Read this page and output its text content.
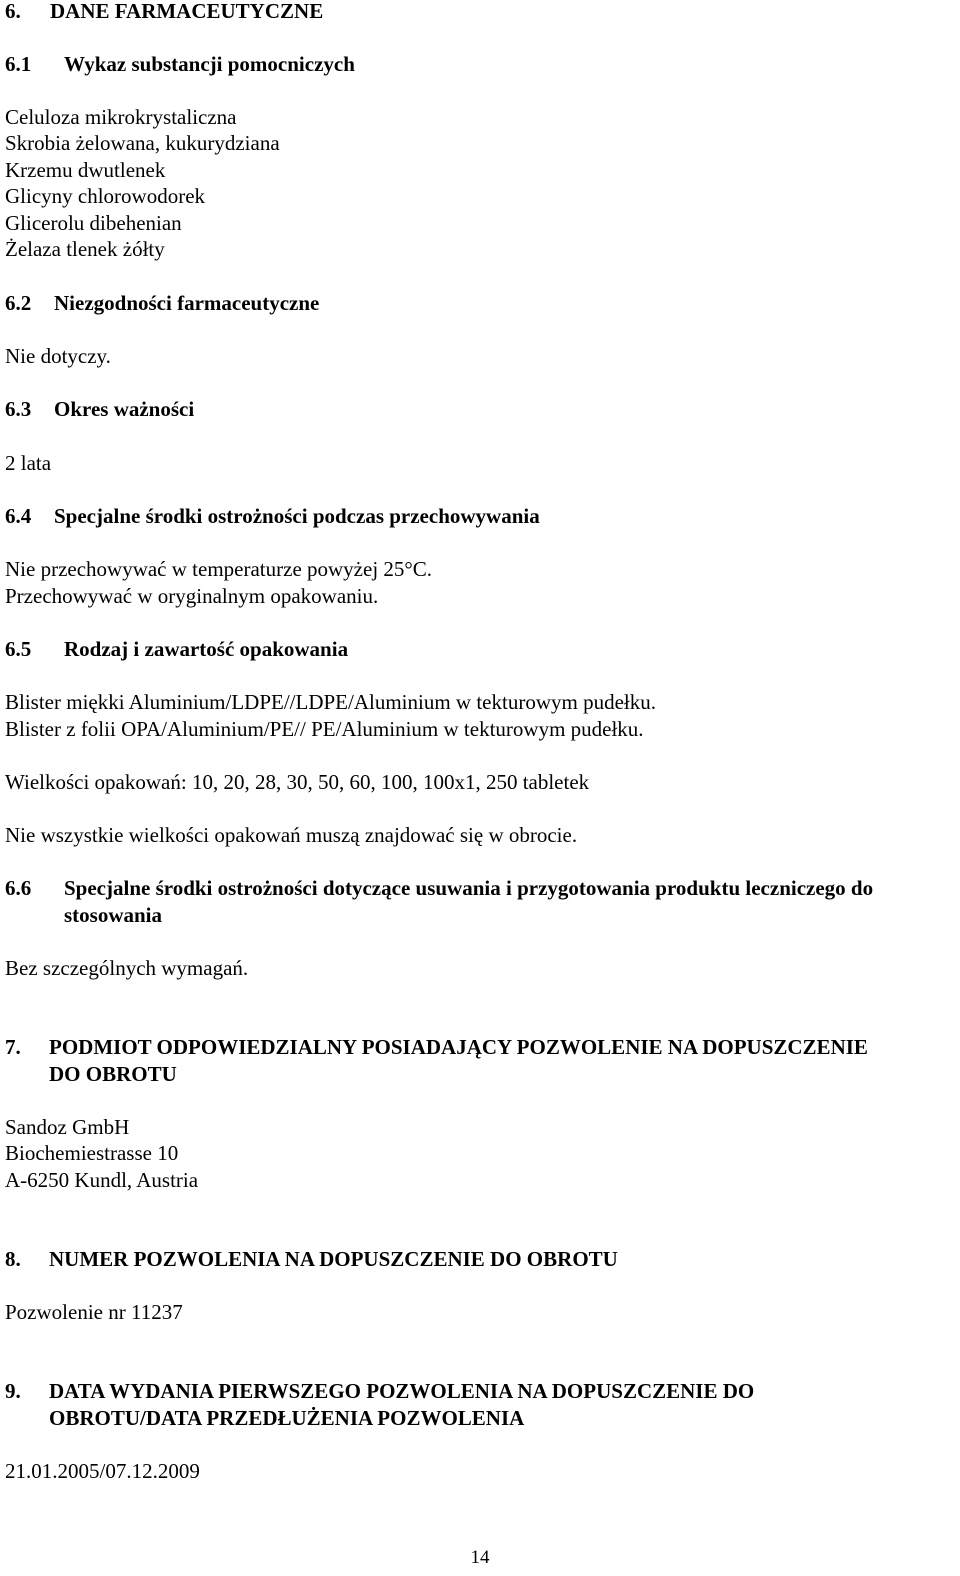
6. DANE FARMACEUTYCZNE
6.1 Wykaz substancji pomocniczych
Celuloza mikrokrystaliczna
Skrobia żelowana, kukurydziana
Krzemu dwutlenek
Glicyny chlorowodorek
Glicerolu dibehenian
Żelaza tlenek żółty
6.2 Niezgodności farmaceutyczne
Nie dotyczy.
6.3 Okres ważności
2 lata
6.4 Specjalne środki ostrożności podczas przechowywania
Nie przechowywać w temperaturze powyżej 25°C.
Przechowywać w oryginalnym opakowaniu.
6.5 Rodzaj i zawartość opakowania
Blister miękki Aluminium/LDPE//LDPE/Aluminium w tekturowym pudełku.
Blister z folii OPA/Aluminium/PE// PE/Aluminium w tekturowym pudełku.
Wielkości opakowań: 10, 20, 28, 30, 50, 60, 100, 100x1, 250 tabletek
Nie wszystkie wielkości opakowań muszą znajdować się w obrocie.
6.6 Specjalne środki ostrożności dotyczące usuwania i przygotowania produktu leczniczego do
stosowania
Bez szczególnych wymagań.
7. PODMIOT ODPOWIEDZIALNY POSIADAJĄCY POZWOLENIE NA DOPUSZCZENIE
DO OBROTU
Sandoz GmbH
Biochemiestrasse 10
A-6250 Kundl, Austria
8. NUMER POZWOLENIA NA DOPUSZCZENIE DO OBROTU
Pozwolenie nr 11237
9. DATA WYDANIA PIERWSZEGO POZWOLENIA NA DOPUSZCZENIE DO
OBROTU/DATA PRZEDŁUŻENIA POZWOLENIA
21.01.2005/07.12.2009
14
